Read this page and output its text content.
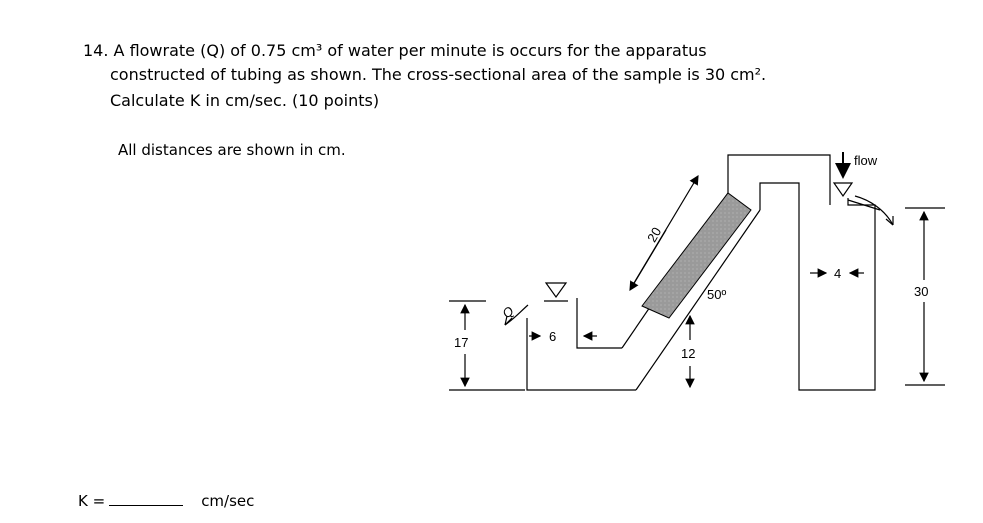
14. A flowrate (Q) of 0.75 cm³ of water per minute is occurs for the apparatus
constructed of tubing as shown. The cross-sectional area of the sample is 30 cm².
Calculate K in cm/sec. (10 points)
All distances are shown in cm.
Q
flow
20
50º
4
30
6
17
12
K =	cm/sec
